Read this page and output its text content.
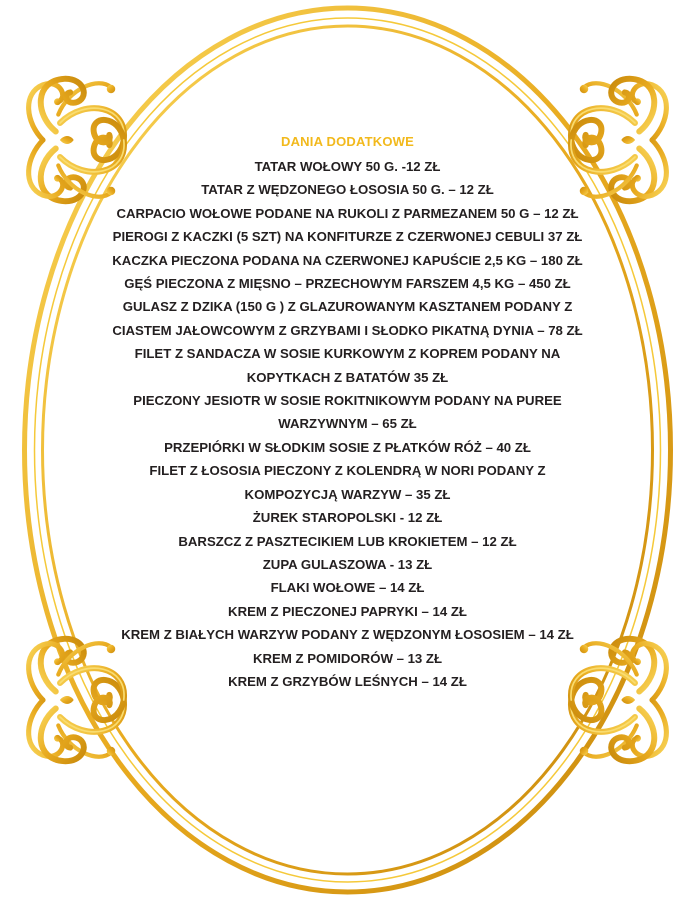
DANIA DODATKOWE
TATAR WOŁOWY 50 G. -12 ZŁ
TATAR Z WĘDZONEGO ŁOSOSIA 50 G. – 12 ZŁ
CARPACIO WOŁOWE PODANE NA RUKOLI Z PARMEZANEM 50 G – 12 ZŁ
PIEROGI Z KACZKI (5 SZT) NA KONFITURZE Z CZERWONEJ CEBULI 37 ZŁ
KACZKA PIECZONA PODANA NA CZERWONEJ KAPUŚCIE 2,5 KG – 180 ZŁ
GĘŚ PIECZONA Z MIĘSNO – PRZECHOWYM FARSZEM 4,5 KG – 450 ZŁ
GULASZ Z DZIKA (150 G ) Z GLAZUROWANYM KASZTANEM PODANY Z
CIASTEM JAŁOWCOWYM Z GRZYBAMI I SŁODKO PIKATNĄ DYNIA – 78 ZŁ
FILET Z SANDACZA W SOSIE KURKOWYM Z KOPREM PODANY NA
KOPYTKACH Z BATATÓW 35 ZŁ
PIECZONY JESIOTR W SOSIE ROKITNIKOWYM PODANY NA PUREE
WARZYWNYM – 65 ZŁ
PRZEPIÓRKI W SŁODKIM SOSIE Z PŁATKÓW RÓŻ – 40 ZŁ
FILET Z ŁOSOSIA PIECZONY Z KOLENDRĄ W NORI PODANY Z
KOMPOZYCJĄ WARZYW – 35 ZŁ
ŻUREK STAROPOLSKI - 12 ZŁ
BARSZCZ Z PASZTECIKIEM LUB KROKIETEM – 12 ZŁ
ZUPA GULASZOWA - 13 ZŁ
FLAKI WOŁOWE – 14 ZŁ
KREM Z PIECZONEJ PAPRYKI – 14 ZŁ
KREM Z BIAŁYCH WARZYW PODANY Z WĘDZONYM ŁOSOSIEM – 14 ZŁ
KREM Z POMIDORÓW – 13 ZŁ
KREM Z GRZYBÓW LEŚNYCH – 14 ZŁ
